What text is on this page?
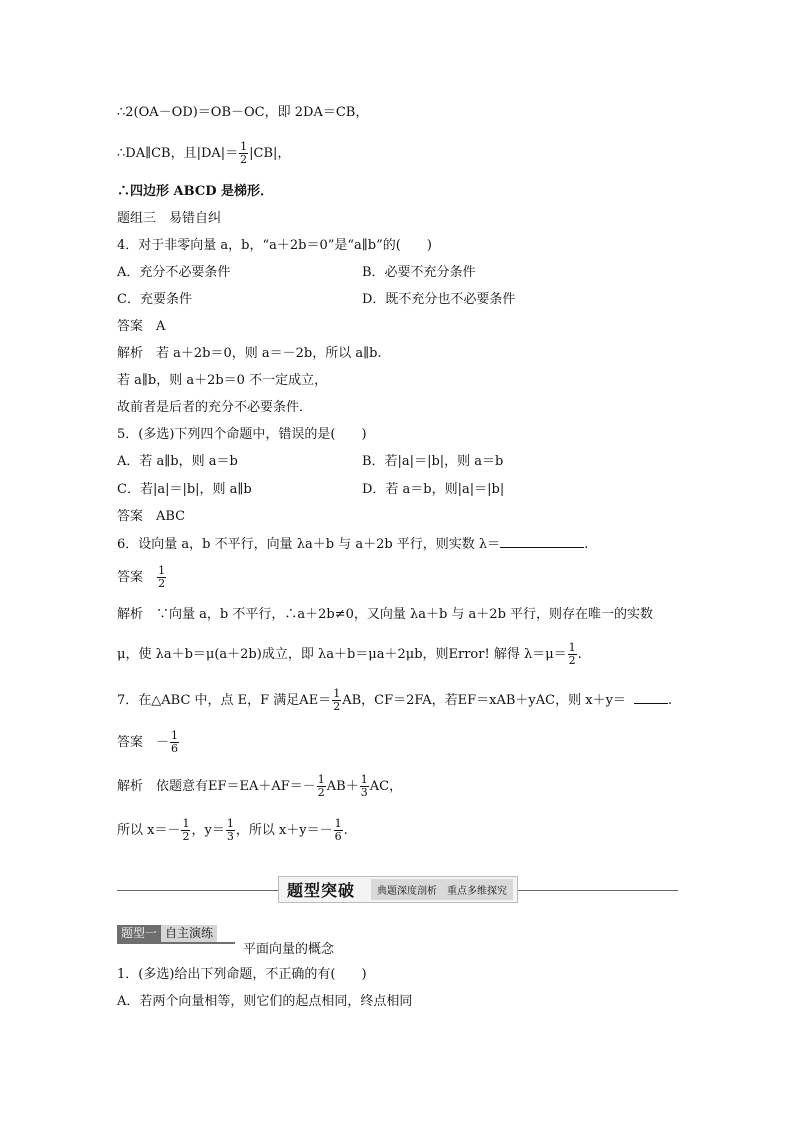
∴2(OA－OD)＝OB－OC，即 2DA＝CB，
∴DA∥CB，且$|DA|= \frac{1}{2} |CB|$，
∴四边形 ABCD 是梯形．
题组三　易错自纠
4．对于非零向量 a，b，“a＋2b＝0”是“a∥b”的(　　)
A．充分不必要条件	B．必要不充分条件
C．充要条件	D．既不充分也不必要条件
答案　A
解析　若 a＋2b＝0，则 a＝－2b，所以 a∥b.
若 a∥b，则 a＋2b＝0 不一定成立，
故前者是后者的充分不必要条件．
5．(多选)下列四个命题中，错误的是(　　)
A．若 a∥b，则 a＝b	B．若|a|＝|b|，则 a＝b
C．若|a|＝|b|，则 a∥b	D．若 a＝b，则|a|＝|b|
答案　ABC
6．设向量 a，b 不平行，向量 λa＋b 与 a＋2b 平行，则实数 λ＝	.
答案 $\frac{1}{2}$
解析　∵向量 a，b 不平行，∴a＋2b≠0，又向量 λa＋b 与 a＋2b 平行，则存在唯一的实数
μ，使 λa＋b＝μ(a＋2b)成立，即 λa＋b＝μa＋2μb，则Error! 解得 $\lambda=\mu= \frac{1}{2}$ .
7．在△ABC 中，点 E，F 满足$AE= \frac{1}{2}$ AB，CF＝2FA，若EF＝xAB＋yAC，则 x＋y＝	.
答案　－ $\frac{1}{6}$
解析　依题意有$EF=EA+AF=- \frac{1}{2} AB+ \frac{1}{3}$ AC，
所以 $x=- \frac{1}{2}$ ，$y= \frac{1}{3}$ ，所以 $x+y=- \frac{1}{6}$ .
题型突破	典题深度剖析　重点多维探究
题型一 自主演练
平面向量的概念
1．(多选)给出下列命题，不正确的有(　　)
A．若两个向量相等，则它们的起点相同，终点相同
